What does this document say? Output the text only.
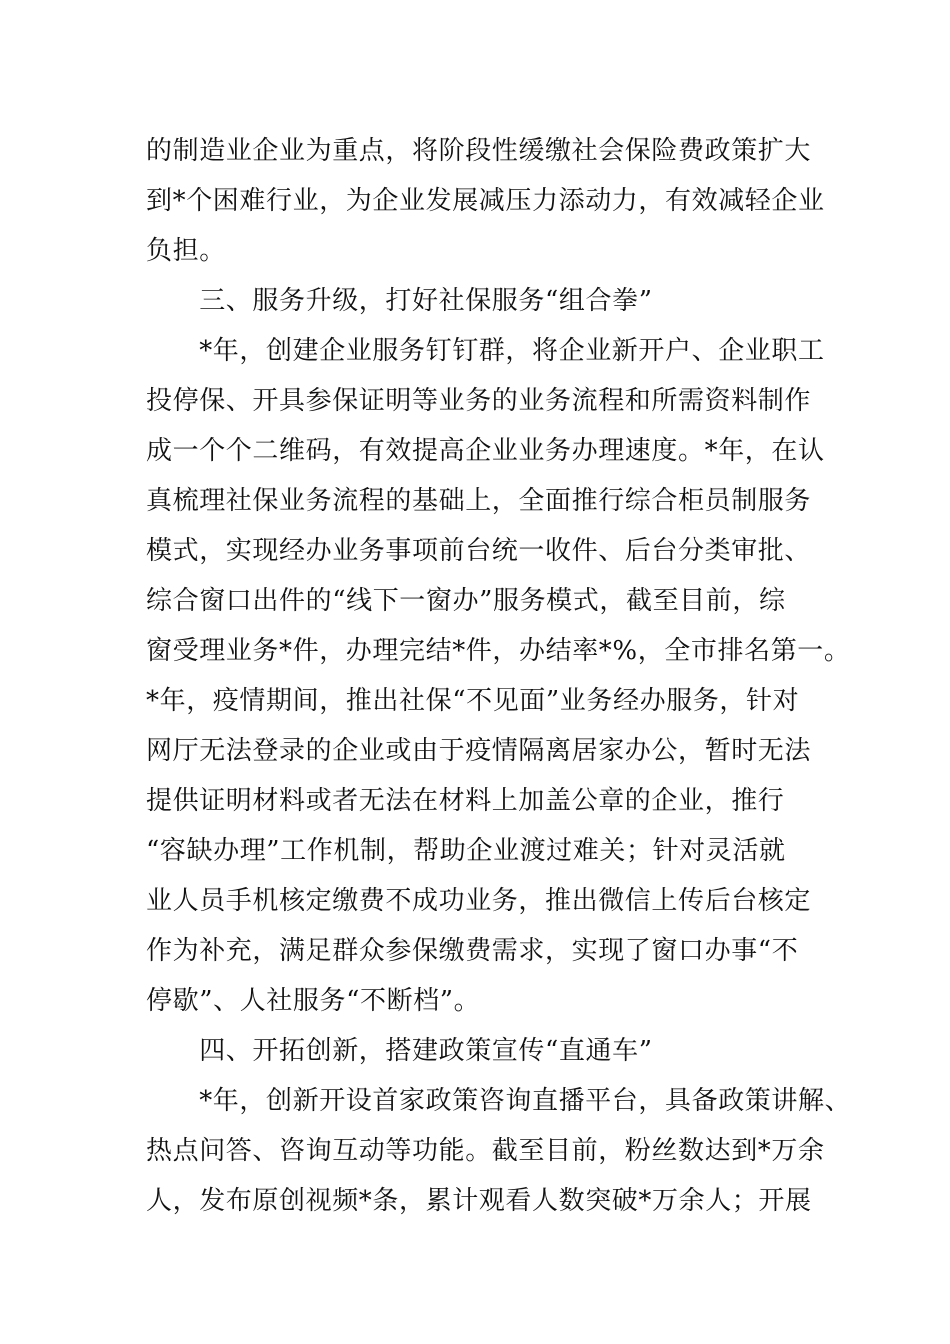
的制造业企业为重点，将阶段性缓缴社会保险费政策扩大
到*个困难行业，为企业发展减压力添动力，有效减轻企业
负担。
　　三、服务升级，打好社保服务“组合拳”
　　*年，创建企业服务钉钉群，将企业新开户、企业职工
投停保、开具参保证明等业务的业务流程和所需资料制作
成一个个二维码，有效提高企业业务办理速度。*年，在认
真梳理社保业务流程的基础上，全面推行综合柜员制服务
模式，实现经办业务事项前台统一收件、后台分类审批、
综合窗口出件的“线下一窗办”服务模式，截至目前，综
窗受理业务*件，办理完结*件，办结率*%，全市排名第一。
*年，疫情期间，推出社保“不见面”业务经办服务，针对
网厅无法登录的企业或由于疫情隔离居家办公，暂时无法
提供证明材料或者无法在材料上加盖公章的企业，推行
“容缺办理”工作机制，帮助企业渡过难关；针对灵活就
业人员手机核定缴费不成功业务，推出微信上传后台核定
作为补充，满足群众参保缴费需求，实现了窗口办事“不
停歇”、人社服务“不断档”。
　　四、开拓创新，搭建政策宣传“直通车”
　　*年，创新开设首家政策咨询直播平台，具备政策讲解、
热点问答、咨询互动等功能。截至目前，粉丝数达到*万余
人，发布原创视频*条，累计观看人数突破*万余人；开展
